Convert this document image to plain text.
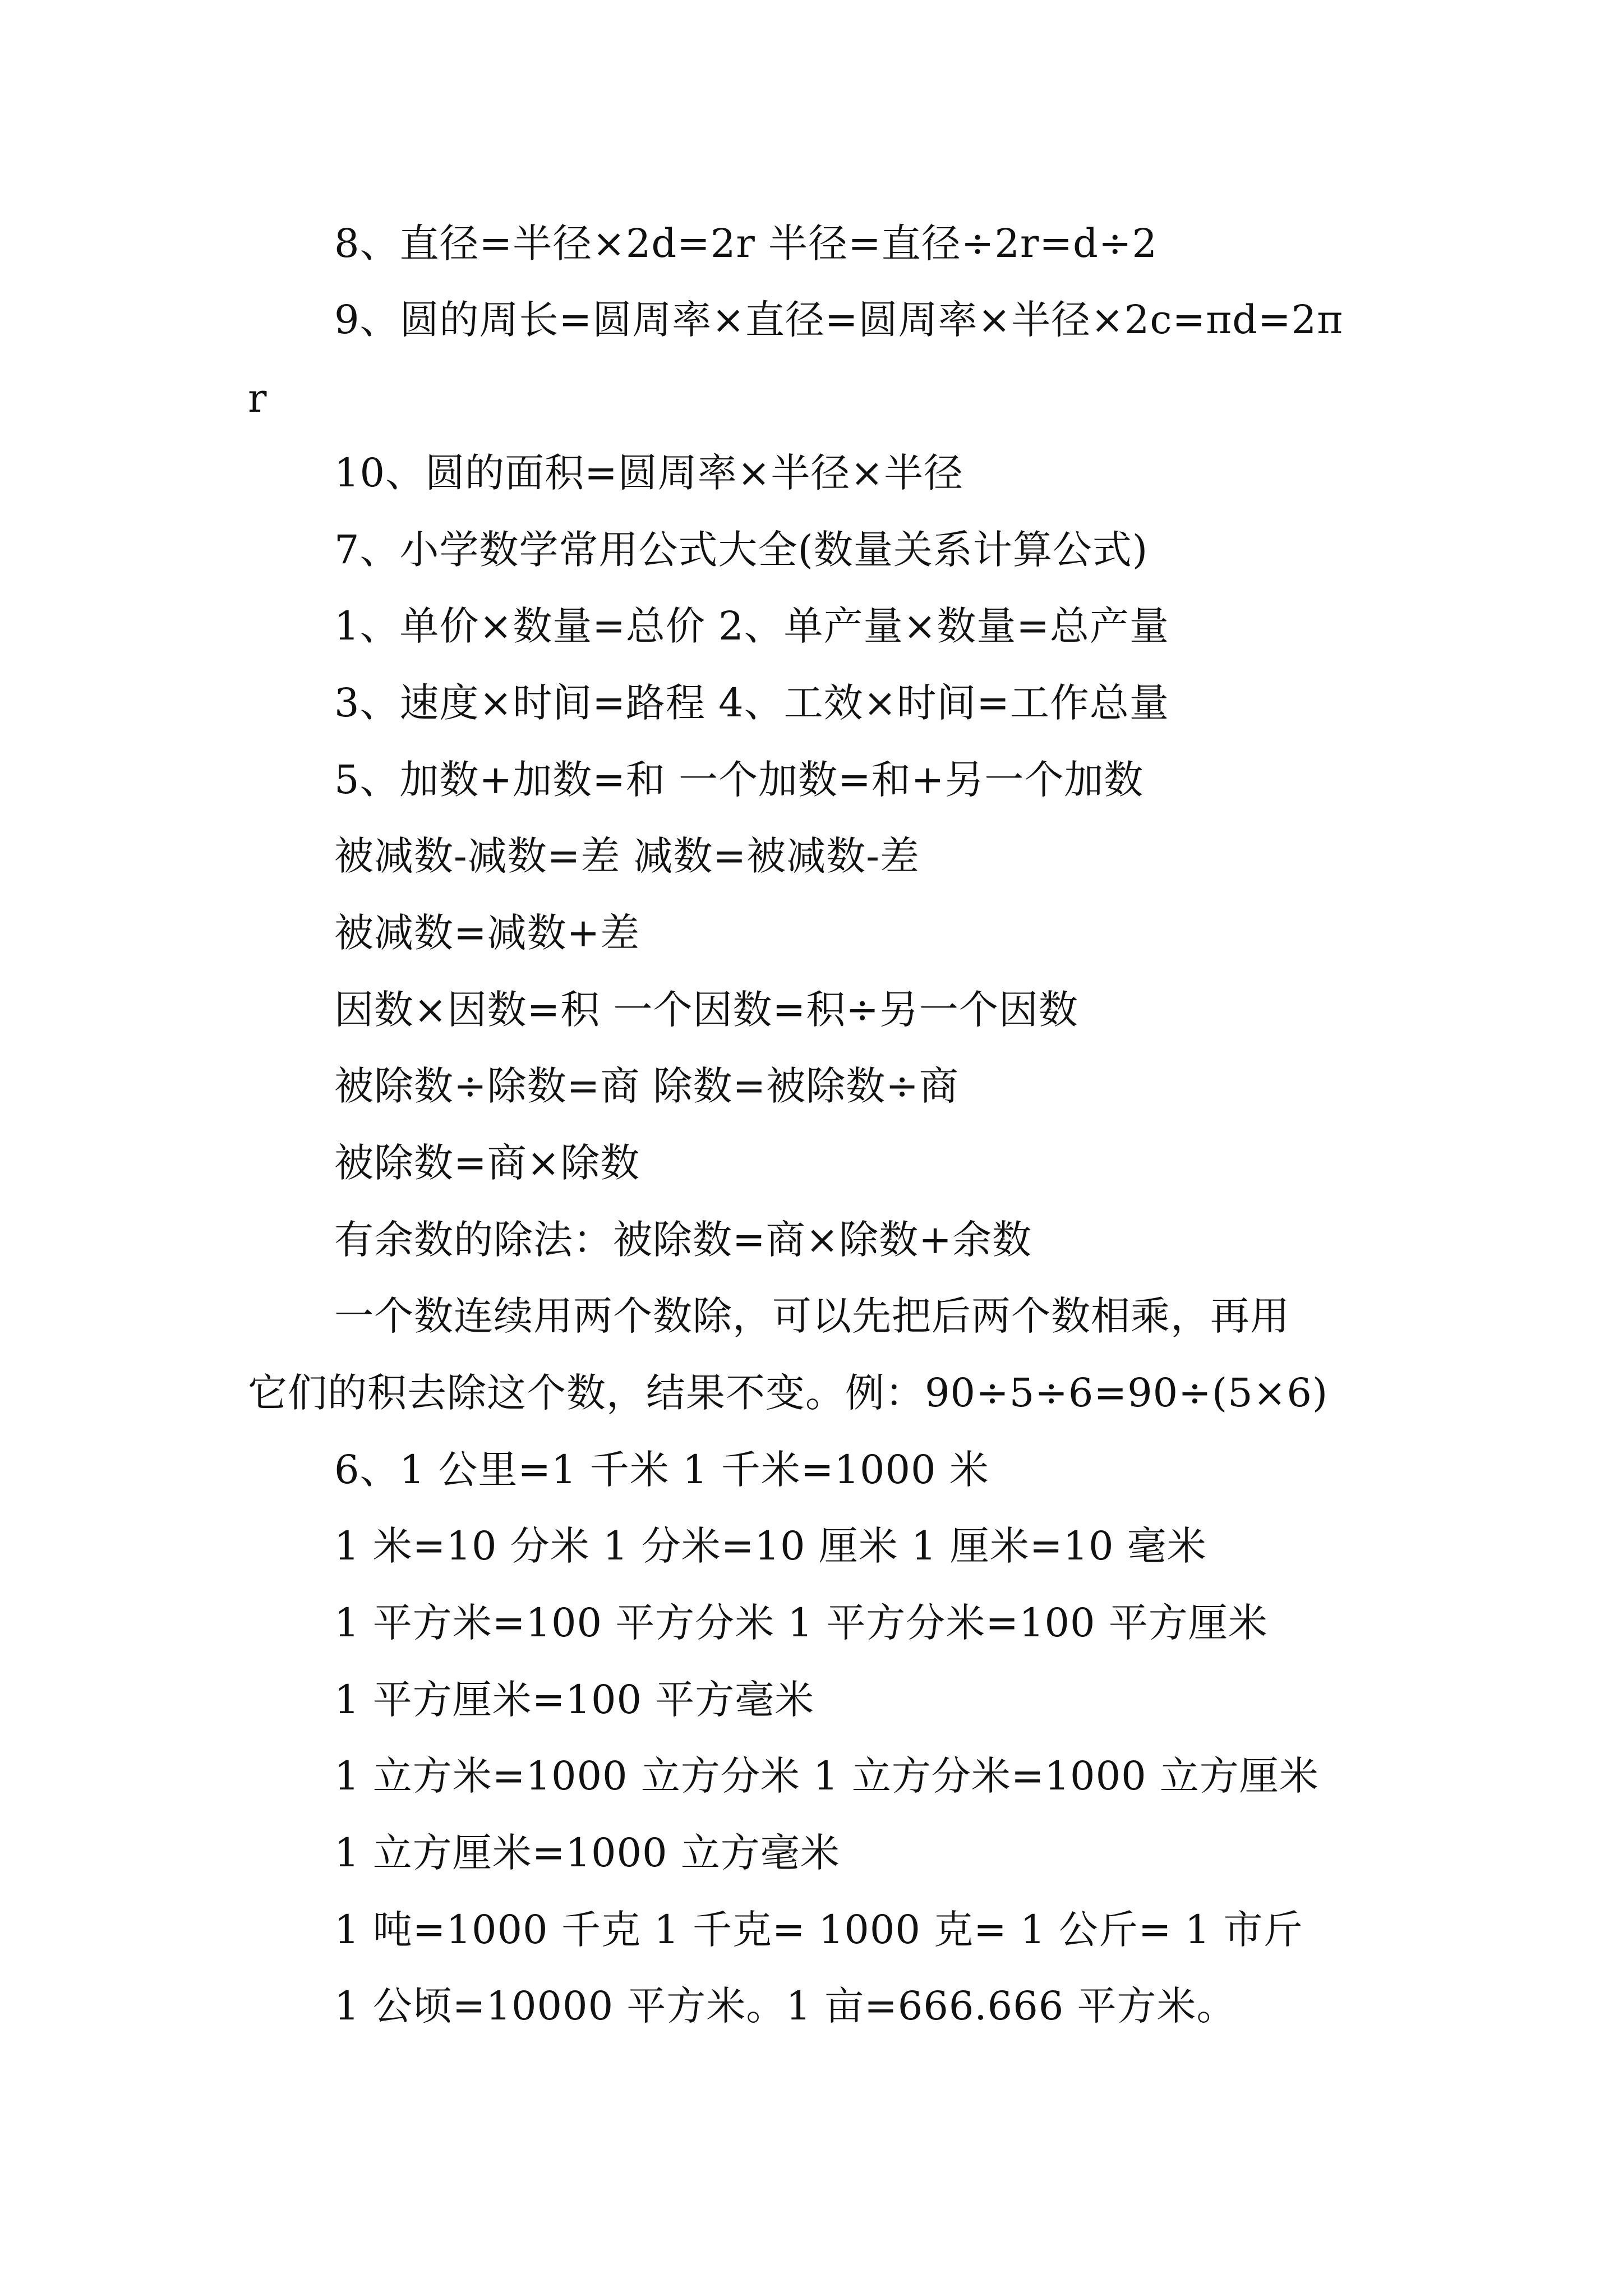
8、直径=半径×2d=2r 半径=直径÷2r=d÷2
9、圆的周长=圆周率×直径=圆周率×半径×2c=πd=2π
r
10、圆的面积=圆周率×半径×半径
7、小学数学常用公式大全(数量关系计算公式)
1、单价×数量=总价 2、单产量×数量=总产量
3、速度×时间=路程 4、工效×时间=工作总量
5、加数+加数=和 一个加数=和+另一个加数
被减数-减数=差 减数=被减数-差
被减数=减数+差
因数×因数=积 一个因数=积÷另一个因数
被除数÷除数=商 除数=被除数÷商
被除数=商×除数
有余数的除法：被除数=商×除数+余数
一个数连续用两个数除，可以先把后两个数相乘，再用
它们的积去除这个数，结果不变。例：90÷5÷6=90÷(5×6)
6、1 公里=1 千米 1 千米=1000 米
1 米=10 分米 1 分米=10 厘米 1 厘米=10 毫米
1 平方米=100 平方分米 1 平方分米=100 平方厘米
1 平方厘米=100 平方毫米
1 立方米=1000 立方分米 1 立方分米=1000 立方厘米
1 立方厘米=1000 立方毫米
1 吨=1000 千克 1 千克= 1000 克= 1 公斤= 1 市斤
1 公顷=10000 平方米。1 亩=666.666 平方米。
